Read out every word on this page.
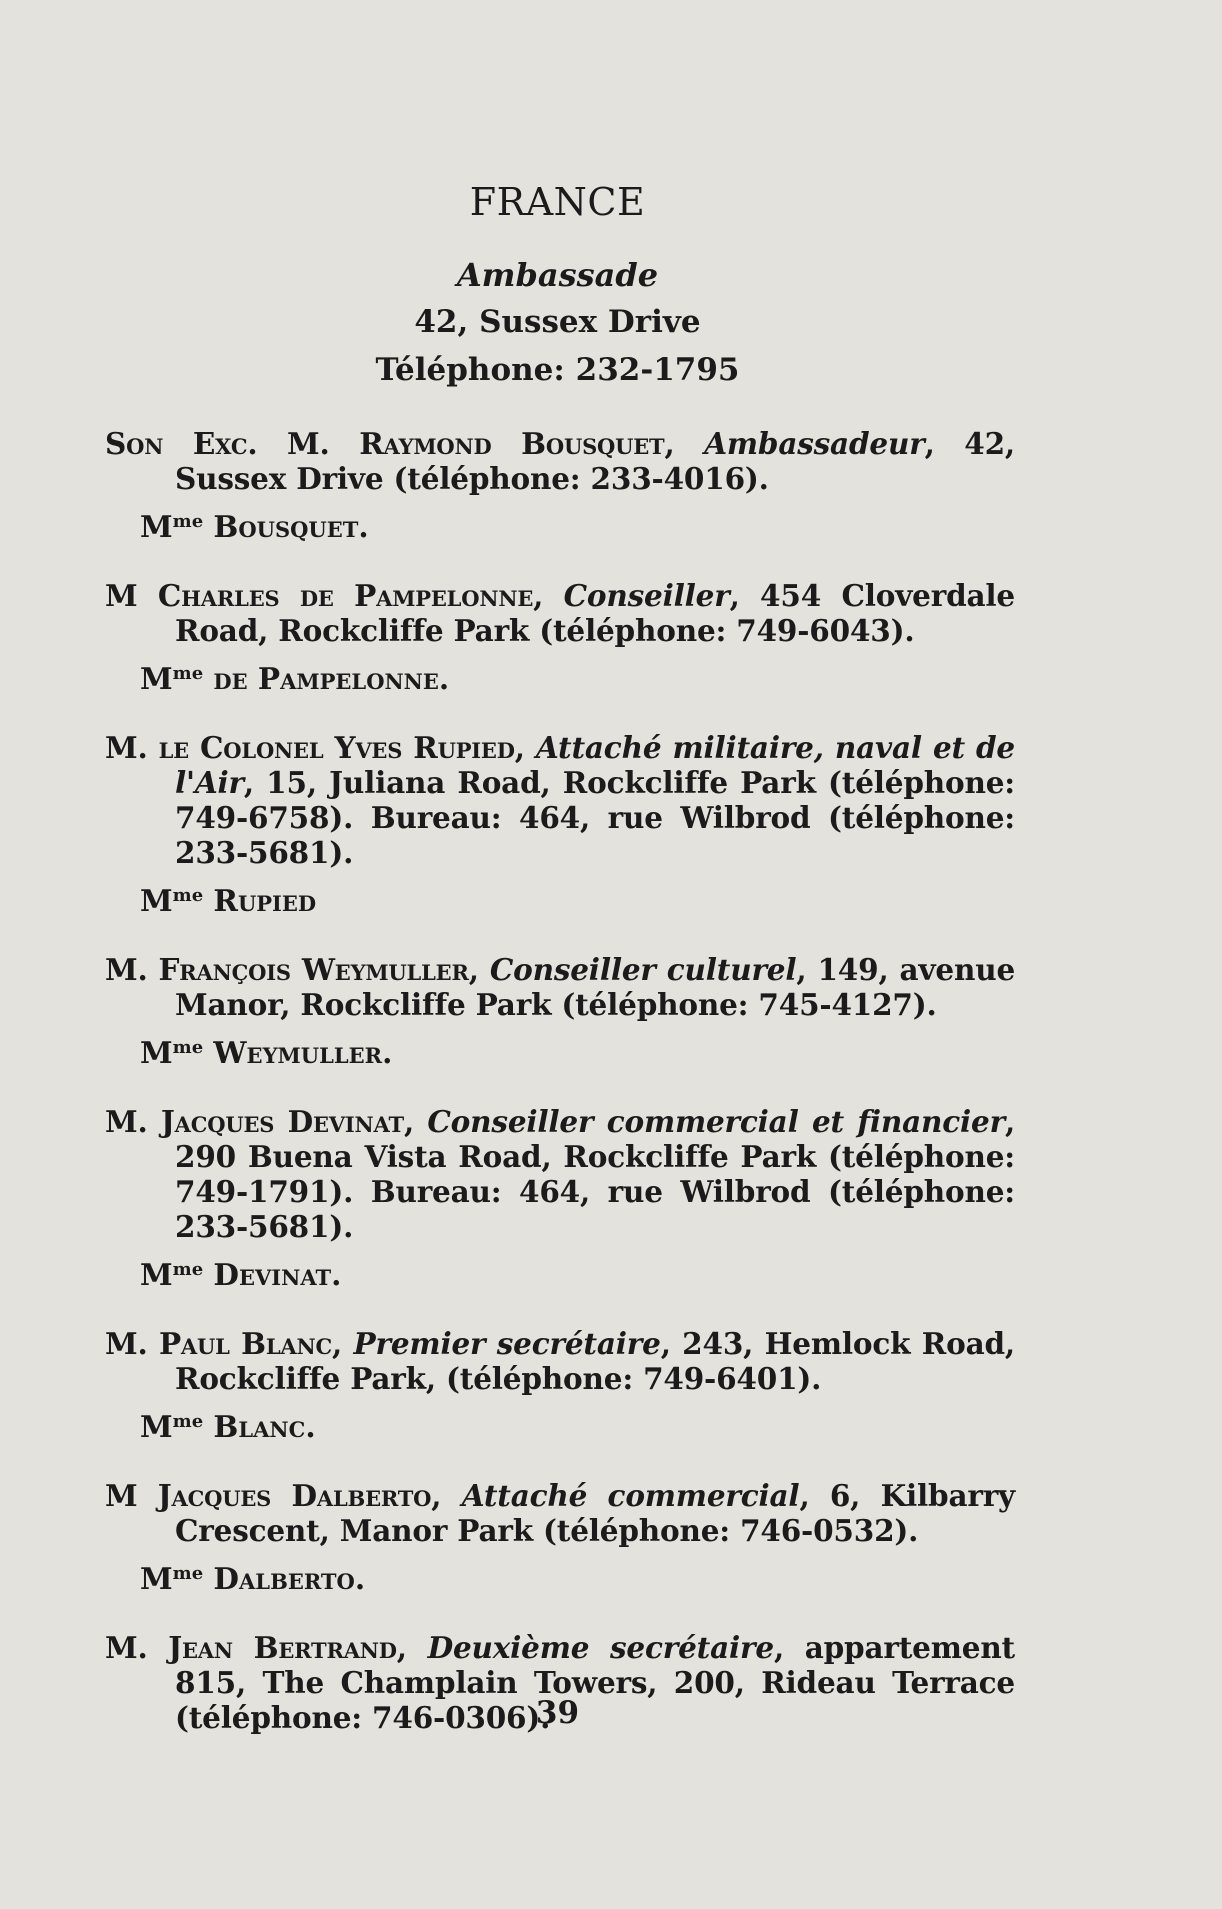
FRANCE
Ambassade
42, Sussex Drive
Téléphone: 232-1795

Son Exc. M. Raymond Bousquet, Ambassadeur, 42, Sussex Drive (téléphone: 233-4016).

$M^{me}$ Bousquet.

M Charles de Pampelonne, Conseiller, 454 Cloverdale Road, Rockcliffe Park (téléphone: 749-6043).

$M^{me}$ de Pampelonne.

M. le Colonel Yves Rupied, Attaché militaire, naval et de l'Air, 15, Juliana Road, Rockcliffe Park (téléphone: 749-6758). Bureau: 464, rue Wilbrod (téléphone: 233-5681).

$M^{me}$ Rupied

M. François Weymuller, Conseiller culturel, 149, avenue Manor, Rockcliffe Park (téléphone: 745-4127).

$M^{me}$ Weymuller.

M. Jacques Devinat, Conseiller commercial et financier, 290 Buena Vista Road, Rockcliffe Park (téléphone: 749-1791). Bureau: 464, rue Wilbrod (téléphone: 233-5681).

$M^{me}$ Devinat.

M. Paul Blanc, Premier secrétaire, 243, Hemlock Road, Rockcliffe Park, (téléphone: 749-6401).

$M^{me}$ Blanc.

M Jacques Dalberto, Attaché commercial, 6, Kilbarry Crescent, Manor Park (téléphone: 746-0532).

$M^{me}$ Dalberto.

M. Jean Bertrand, Deuxième secrétaire, appartement 815, The Champlain Towers, 200, Rideau Terrace (téléphone: 746-0306).

39
